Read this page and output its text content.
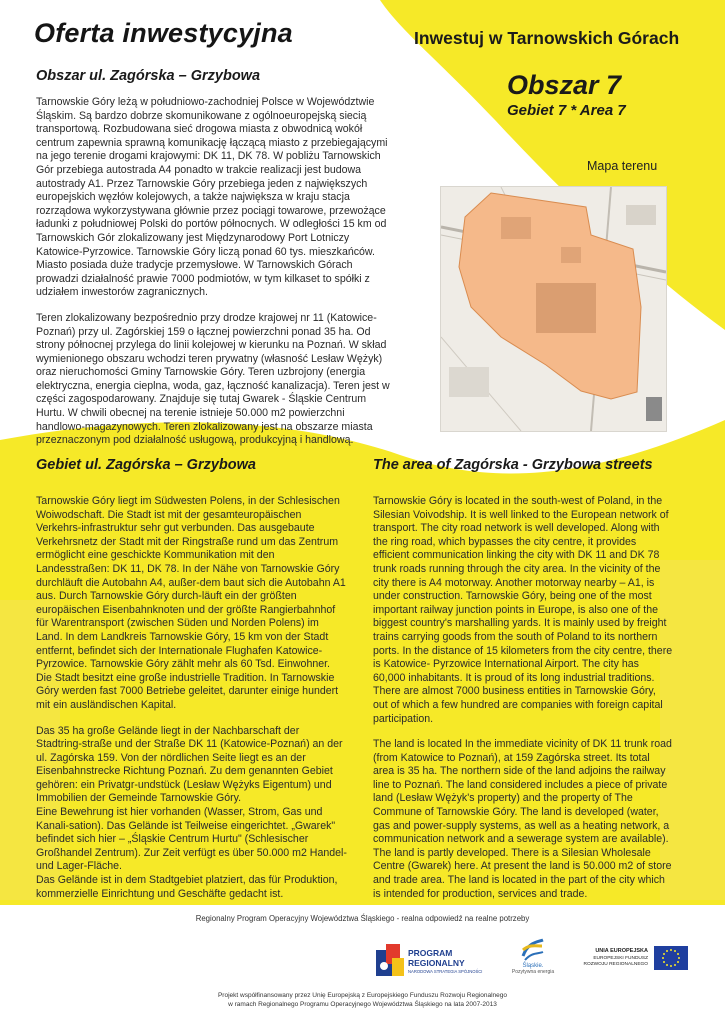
Oferta inwestycyjna	Inwestuj w Tarnowskich Górach
Obszar 7
Gebiet 7 * Area 7
Mapa terenu
Obszar ul. Zagórska – Grzybowa

Tarnowskie Góry leżą w południowo-zachodniej Polsce w Województwie Śląskim. Są bardzo dobrze skomunikowane z ogólnoeuropejską siecią transportową. Rozbudowana sieć drogowa miasta z obwodnicą wokół centrum zapewnia sprawną komunikację łączącą miasto z przebiegającymi na jego terenie drogami krajowymi: DK 11, DK 78. W pobliżu Tarnowskich Gór przebiega autostrada A4 ponadto w trakcie realizacji jest budowa autostrady A1. Przez Tarnowskie Góry przebiega jeden z największych europejskich węzłów kolejowych, a także największa w kraju stacja rozrządowa wykorzystywana głównie przez pociągi towarowe, przewożące ładunki z południowej Polski do portów północnych. W odległości 15 km od Tarnowskich Gór zlokalizowany jest Międzynarodowy Port Lotniczy Katowice-Pyrzowice. Tarnowskie Góry liczą ponad 60 tys. mieszkańców. Miasto posiada duże tradycje przemysłowe. W Tarnowskich Górach prowadzi działalność prawie 7000 podmiotów, w tym kilkaset to spółki z udziałem inwestorów zagranicznych.

Teren zlokalizowany bezpośrednio przy drodze krajowej nr 11 (Katowice-Poznań) przy ul. Zagórskiej 159 o łącznej powierzchni ponad 35 ha. Od strony północnej przylega do linii kolejowej w kierunku na Poznań. W skład wymienionego obszaru wchodzi teren prywatny (własność Lesław Wężyk) oraz nieruchomości Gminy Tarnowskie Góry. Teren uzbrojony (energia elektryczna, energia cieplna, woda, gaz, łączność kanalizacja). Teren jest w części zagospodarowany. Znajduje się tutaj Gwarek - Śląskie Centrum Hurtu. W chwili obecnej na terenie istnieje 50.000 m2 powierzchni handlowo-magazynowych. Teren zlokalizowany jest na obszarze miasta przeznaczonym pod działalność usługową, produkcyjną i handlową.

Gebiet ul. Zagórska – Grzybowa

Tarnowskie Góry liegt im Südwesten Polens, in der Schlesischen Woiwodschaft. Die Stadt ist mit der gesamteuropäischen Verkehrs-infrastruktur sehr gut verbunden. Das ausgebaute Verkehrsnetz der Stadt mit der Ringstraße rund um das Zentrum ermöglicht eine geschickte Kommunikation mit den Landesstraßen: DK 11, DK 78. In der Nähe von Tarnowskie Góry durchläuft die Autobahn A4, außer-dem baut sich die Autobahn A1 aus. Durch Tarnowskie Góry durch-läuft ein der größten europäischen Eisenbahnknoten und der größte Rangierbahnhof für Warentransport (zwischen Süden und Norden Polens) im Land. In dem Landkreis Tarnowskie Góry, 15 km von der Stadt entfernt, befindet sich der Internationale Flughafen Katowice-Pyrzowice. Tarnowskie Góry zählt mehr als 60 Tsd. Einwohner. Die Stadt besitzt eine große industrielle Tradition. In Tarnowskie Góry werden fast 7000 Betriebe geleitet, darunter einige hundert mit ein ausländischen Kapital.

Das 35 ha große Gelände liegt in der Nachbarschaft der Stadtring-straße und der Straße DK 11 (Katowice-Poznań) an der ul. Zagórska 159. Von der nördlichen Seite liegt es an der Eisenbahnstrecke Richtung Poznań. Zu dem genannten Gebiet gehören: ein Privatgr-undstück (Lesław Wężyks Eigentum) und Immobilien der Gemeinde Tarnowskie Góry.
Eine Bewehrung ist hier vorhanden (Wasser, Strom, Gas und Kanali-sation). Das Gelände ist Teilweise eingerichtet. „Gwarek" befindet sich hier – „Śląskie Centrum Hurtu" (Schlesischer Großhandel Zentrum). Zur Zeit verfügt es über 50.000 m2 Handel- und Lager-Fläche.
Das Gelände ist in dem Stadtgebiet platziert, das für Produktion, kommerzielle Einrichtung und Geschäfte gedacht ist.

The area of Zagórska - Grzybowa streets

Tarnowskie Góry is located in the south-west of Poland, in the Silesian Voivodship. It is well linked to the European network of transport. The city road network is well developed. Along with the ring road, which bypasses the city centre, it provides efficient communication linking the city with DK 11 and DK 78 trunk roads running through the city area. In the vicinity of the city there is A4 motorway. Another motorway nearby – A1, is under construction. Tarnowskie Góry, being one of the most important railway junction points in Europe, is also one of the biggest country's marshalling yards. It is mainly used by freight trains carrying goods from the south of Poland to its northern ports. In the distance of 15 kilometers from the city centre, there is Katowice- Pyrzowice International Airport. The city has 60,000 inhabitants. It is proud of its long industrial traditions. There are almost 7000 business entities in Tarnowskie Góry, out of which a few hundred are companies with foreign capital participation.

The land is located In the immediate vicinity of DK 11 trunk road (from Katowice to Poznań), at 159 Zagórska street. Its total area is 35 ha. The northern side of the land adjoins the railway line to Poznań. The land considered includes a piece of private land (Lesław Wężyk's property) and the property of The Commune of Tarnowskie Góry. The land is developed (water, gas and power-supply systems, as well as a heating network, a communication network and a sewerage system are available). The land is partly developed. There is a Silesian Wholesale Centre (Gwarek) here. At present the land is 50.000 m2 of store and trade area. The land is located in the part of the city which is intended for production, services and trade.

Regionalny Program Operacyjny Województwa Śląskiego - realna odpowiedź na realne potrzeby
PROGRAM
REGIONALNY
NARODOWA STRATEGIA SPÓJNOŚCI
Śląskie.
Pozytywna energia
UNIA EUROPEJSKA
EUROPEJSKI FUNDUSZ
ROZWOJU REGIONALNEGO
Projekt współfinansowany przez Unię Europejską z Europejskiego Funduszu Rozwoju Regionalnego
w ramach Regionalnego Programu Operacyjnego Województwa Śląskiego na lata 2007-2013
